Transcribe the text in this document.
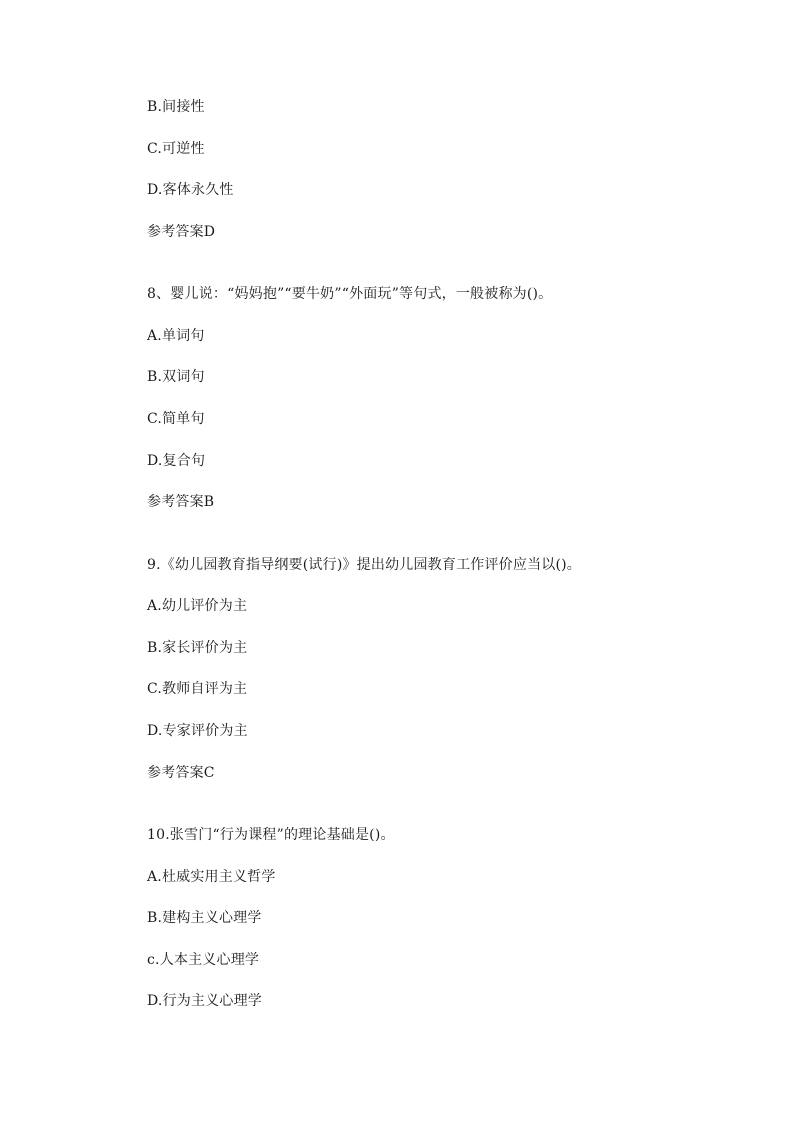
B.间接性
C.可逆性
D.客体永久性
参考答案D
8、婴儿说：“妈妈抱”“要牛奶”“外面玩”等句式，一般被称为()。
A.单词句
B.双词句
C.简单句
D.复合句
参考答案B
9.《幼儿园教育指导纲要(试行)》提出幼儿园教育工作评价应当以()。
A.幼儿评价为主
B.家长评价为主
C.教师自评为主
D.专家评价为主
参考答案C
10.张雪门“行为课程”的理论基础是()。
A.杜威实用主义哲学
B.建构主义心理学
c.人本主义心理学
D.行为主义心理学
